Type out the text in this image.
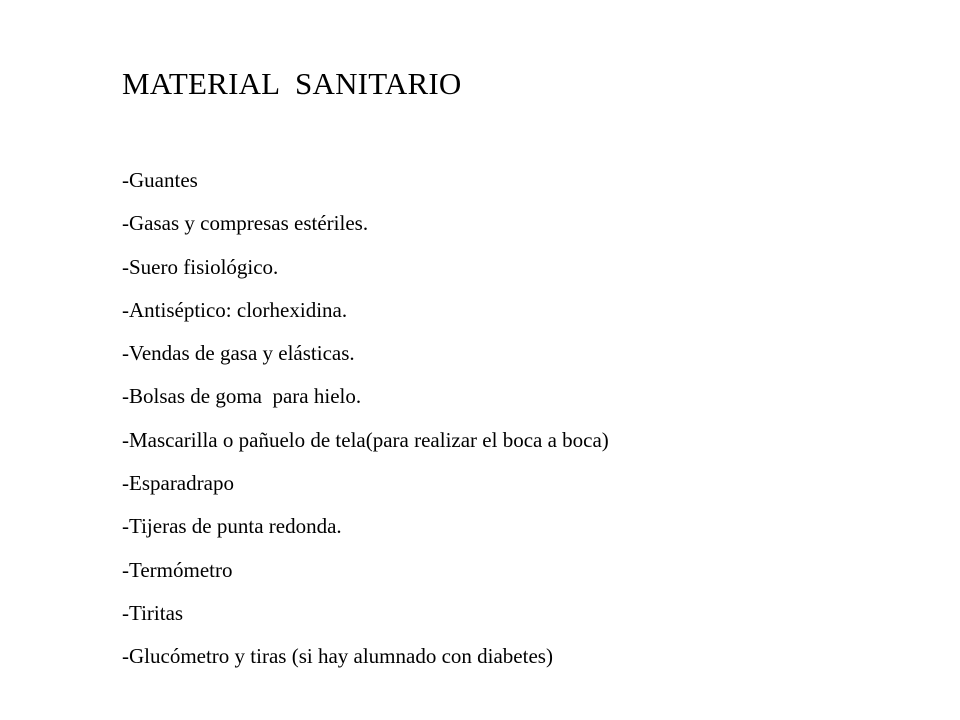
MATERIAL  SANITARIO
-Guantes
-Gasas y compresas estériles.
-Suero fisiológico.
-Antiséptico: clorhexidina.
-Vendas de gasa y elásticas.
-Bolsas de goma  para hielo.
-Mascarilla o pañuelo de tela(para realizar el boca a boca)
-Esparadrapo
-Tijeras de punta redonda.
-Termómetro
-Tiritas
-Glucómetro y tiras (si hay alumnado con diabetes)
